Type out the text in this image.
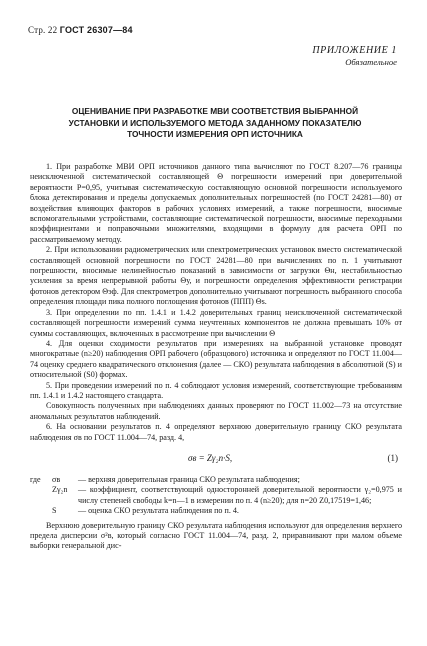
Стр. 22 ГОСТ 26307—84
ПРИЛОЖЕНИЕ 1
Обязательное
ОЦЕНИВАНИЕ ПРИ РАЗРАБОТКЕ МВИ СООТВЕТСТВИЯ ВЫБРАННОЙ
УСТАНОВКИ И ИСПОЛЬЗУЕМОГО МЕТОДА ЗАДАННОМУ ПОКАЗАТЕЛЮ
ТОЧНОСТИ ИЗМЕРЕНИЯ ОРП ИСТОЧНИКА

1. При разработке МВИ ОРП источников данного типа вычисляют по ГОСТ 8.207—76 границы неисключенной систематической составляющей Θ погрешности измерений при доверительной вероятности P=0,95, учитывая систематическую составляющую основной погрешности используемого блока детектирования и пределы допускаемых дополнительных погрешностей (по ГОСТ 24281—80) от воздействия влияющих факторов в рабочих условиях измерений, а также погрешности, вносимые вспомогательными устройствами, составляющие систематической погрешности, вносимые переходными коэффициентами и поправочными множителями, входящими в формулу для расчета ОРП по рассматриваемому методу.

2. При использовании радиометрических или спектрометрических установок вместо систематической составляющей основной погрешности по ГОСТ 24281—80 при вычислениях по п. 1 учитывают погрешности, вносимые нелинейностью показаний в зависимости от загрузки Θн, нестабильностью усиления за время непрерывной работы Θу, и погрешности определения эффективности регистрации фотонов детектором Θэф. Для спектрометров дополнительно учитывают погрешность выбранного способа определения площади пика полного поглощения фотонов (ППП) Θs.

3. При определении по пп. 1.4.1 и 1.4.2 доверительных границ неисключенной систематической составляющей погрешности измерений сумма неучтенных компонентов не должна превышать 10% от суммы составляющих, включенных в рассмотрение при вычислении Θ

4. Для оценки сходимости результатов при измерениях на выбранной установке проводят многократные (n≥20) наблюдения ОРП рабочего (образцового) источника и определяют по ГОСТ 11.004—74 оценку среднего квадратического отклонения (далее — СКО) результата наблюдения в абсолютной (S) и относительной (S0) формах.

5. При проведении измерений по п. 4 соблюдают условия измерений, соответствующие требованиям пп. 1.4.1 и 1.4.2 настоящего стандарта.

Совокупность полученных при наблюдениях данных проверяют по ГОСТ 11.002—73 на отсутствие аномальных результатов наблюдений.

6. На основании результатов п. 4 определяют верхнюю доверительную границу СКО результата наблюдения σв по ГОСТ 11.004—74, разд. 4,

σв = Zγ₂n·S,	(1)
где	σв	— верхняя доверительная граница СКО результата наблюдения;
Zγ₂n	— коэффициент, соответствующий односторонней доверительной вероятности γ₂=0,975 и числу степеней свободы k=n—1 в измерении по п. 4 (n≥20); для n=20 Z0,17519=1,46;
S	— оценка СКО результата наблюдения по п. 4.

Верхнюю доверительную границу СКО результата наблюдения используют для определения верхнего предела дисперсии σ²в, который согласно ГОСТ 11.004—74, разд. 2, приравнивают при малом объеме выборки генеральной дис-
